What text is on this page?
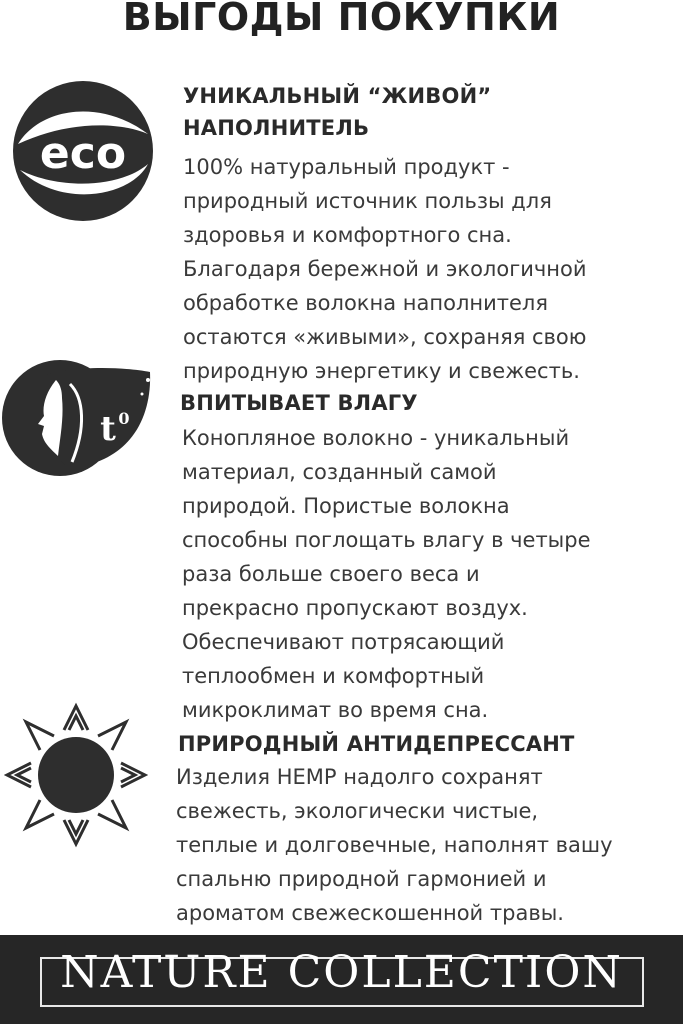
ВЫГОДЫ ПОКУПКИ
eco
УНИКАЛЬНЫЙ “ЖИВОЙ”
НАПОЛНИТЕЛЬ

100% натуральный продукт -
природный источник пользы для
здоровья и комфортного сна.
Благодаря бережной и экологичной
обработке волокна наполнителя
остаются «живыми», сохраняя свою
природную энергетику и свежесть.

t 0
ВПИТЫВАЕТ ВЛАГУ

Конопляное волокно - уникальный
материал, созданный самой
природой. Пористые волокна
способны поглощать влагу в четыре
раза больше своего веса и
прекрасно пропускают воздух.
Обеспечивают потрясающий
теплообмен и комфортный
микроклимат во время сна.

ПРИРОДНЫЙ АНТИДЕПРЕССАНТ

Изделия HEMP надолго сохранят
свежесть, экологически чистые,
теплые и долговечные, наполнят вашу
спальню природной гармонией и
ароматом свежескошенной травы.

NATURE COLLECTION
